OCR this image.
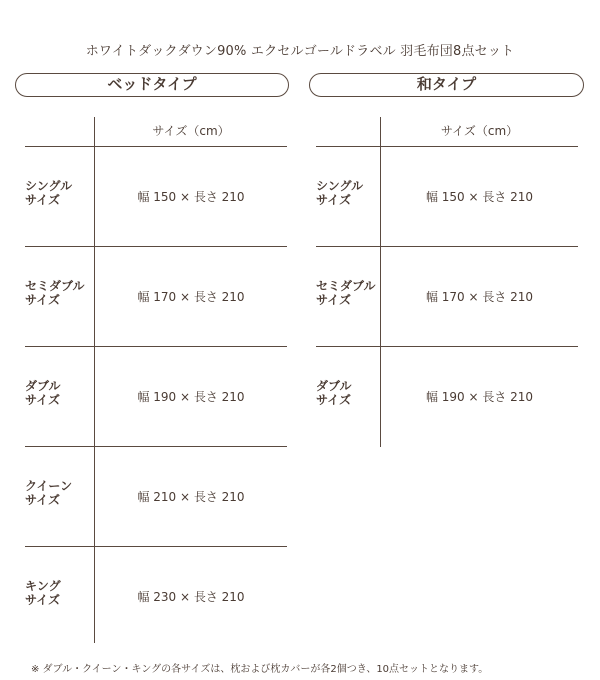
ホワイトダックダウン90% エクセルゴールドラベル 羽毛布団8点セット
ベッドタイプ	和タイプ
サイズ（cm）
シングル
サイズ	幅 150 × 長さ 210
セミダブル
サイズ	幅 170 × 長さ 210
ダブル
サイズ	幅 190 × 長さ 210
クイーン
サイズ	幅 210 × 長さ 210
キング
サイズ	幅 230 × 長さ 210
サイズ（cm）
シングル
サイズ	幅 150 × 長さ 210
セミダブル
サイズ	幅 170 × 長さ 210
ダブル
サイズ	幅 190 × 長さ 210
※ ダブル・クイーン・キングの各サイズは、枕および枕カバーが各2個つき、10点セットとなります。
